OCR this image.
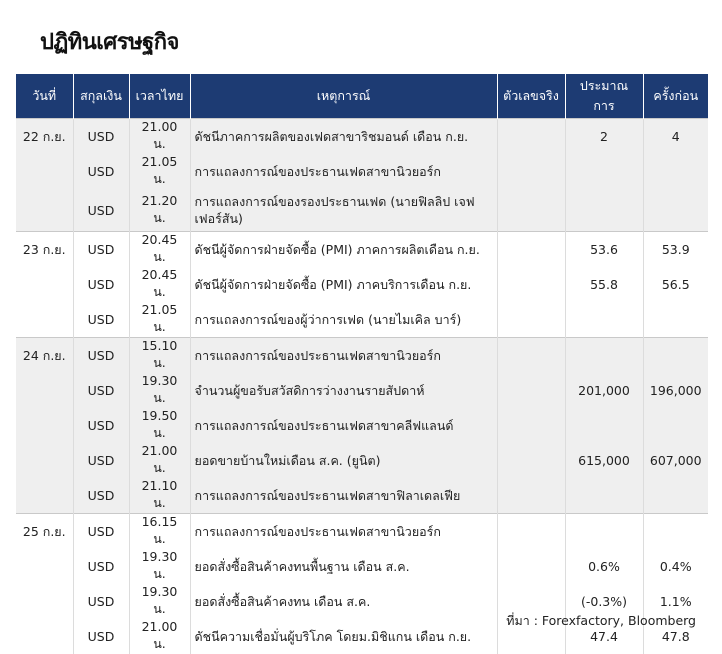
ปฏิทินเศรษฐกิจ
วันที่	สกุลเงิน	เวลาไทย	เหตุการณ์	ตัวเลขจริง	ประมาณการ	ครั้งก่อน
22 ก.ย.	USD	21.00 น.	ดัชนีภาคการผลิตของเฟดสาขาริชมอนด์ เดือน ก.ย.		2	4
	USD	21.05 น.	การแถลงการณ์ของประธานเฟดสาขานิวยอร์ก			
	USD	21.20 น.	การแถลงการณ์ของรองประธานเฟด (นายฟิลลิป เจฟเฟอร์สัน)			
23 ก.ย.	USD	20.45 น.	ดัชนีผู้จัดการฝ่ายจัดซื้อ (PMI) ภาคการผลิตเดือน ก.ย.		53.6	53.9
	USD	20.45 น.	ดัชนีผู้จัดการฝ่ายจัดซื้อ (PMI) ภาคบริการเดือน ก.ย.		55.8	56.5
	USD	21.05 น.	การแถลงการณ์ของผู้ว่าการเฟด (นายไมเคิล บาร์)			
24 ก.ย.	USD	15.10 น.	การแถลงการณ์ของประธานเฟดสาขานิวยอร์ก			
	USD	19.30 น.	จำนวนผู้ขอรับสวัสดิการว่างงานรายสัปดาห์		201,000	196,000
	USD	19.50 น.	การแถลงการณ์ของประธานเฟดสาขาคลีฟแลนด์			
	USD	21.00 น.	ยอดขายบ้านใหม่เดือน ส.ค. (ยูนิต)		615,000	607,000
	USD	21.10 น.	การแถลงการณ์ของประธานเฟดสาขาฟิลาเดลเฟีย			
25 ก.ย.	USD	16.15 น.	การแถลงการณ์ของประธานเฟดสาขานิวยอร์ก			
	USD	19.30 น.	ยอดสั่งซื้อสินค้าคงทนพื้นฐาน เดือน ส.ค.		0.6%	0.4%
	USD	19.30 น.	ยอดสั่งซื้อสินค้าคงทน เดือน ส.ค.		(-0.3%)	1.1%
	USD	21.00 น.	ดัชนีความเชื่อมั่นผู้บริโภค โดยม.มิชิแกน เดือน ก.ย.		47.4	47.8
ที่มา : Forexfactory, Bloomberg
